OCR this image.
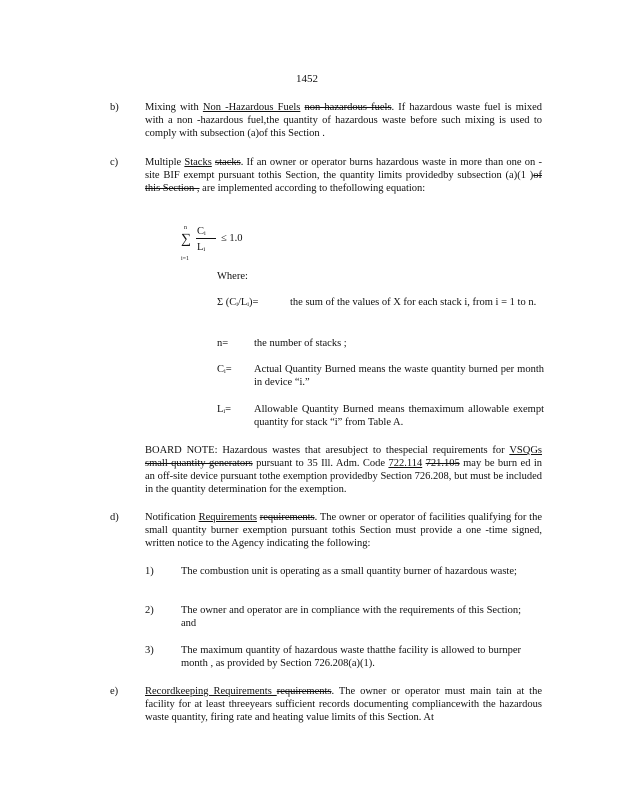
1452
b)	Mixing with Non -Hazardous Fuels non hazardous fuels. If hazardous waste fuel is mixed with a non -hazardous fuel,the quantity of hazardous waste before such mixing is used to comply with subsection (a)of this Section .
c)	Multiple Stacks stacks. If an owner or operator burns hazardous waste in more than one on -site BIF exempt pursuant tothis Section, the quantity limits providedby subsection (a)(1 )of this Section , are implemented according to thefollowing equation:
n
∑
i=1
Cᵢ
Lᵢ
≤ 1.0
Where:
Σ (Cᵢ/Lᵢ)=	the sum of the values of X for each stack i, from i = 1 to n.
n= the number of stacks ;
Cᵢ= Actual Quantity Burned means the waste quantity burned per month in device “i.”
Lᵢ= Allowable Quantity Burned means themaximum allowable exempt quantity for stack “i” from Table A.
BOARD NOTE: Hazardous wastes that aresubject to thespecial requirements for VSQGs small quantity generators pursuant to 35 Ill. Adm. Code 722.114 721.105 may be burn ed in an off-site device pursuant tothe exemption providedby Section 726.208, but must be included in the quantity determination for the exemption.
d)	Notification Requirements requirements. The owner or operator of facilities qualifying for the small quantity burner exemption pursuant tothis Section must provide a one -time signed, written notice to the Agency indicating the following:
1)	The combustion unit is operating as a small quantity burner of hazardous waste;
2)	The owner and operator are in compliance with the requirements of this Section; and
3)	The maximum quantity of hazardous waste thatthe facility is allowed to burnper month , as provided by Section 726.208(a)(1).
e)	Recordkeeping Requirements requirements. The owner or operator must main tain at the facility for at least threeyears sufficient records documenting compliancewith the hazardous waste quantity, firing rate and heating value limits of this Section. At
